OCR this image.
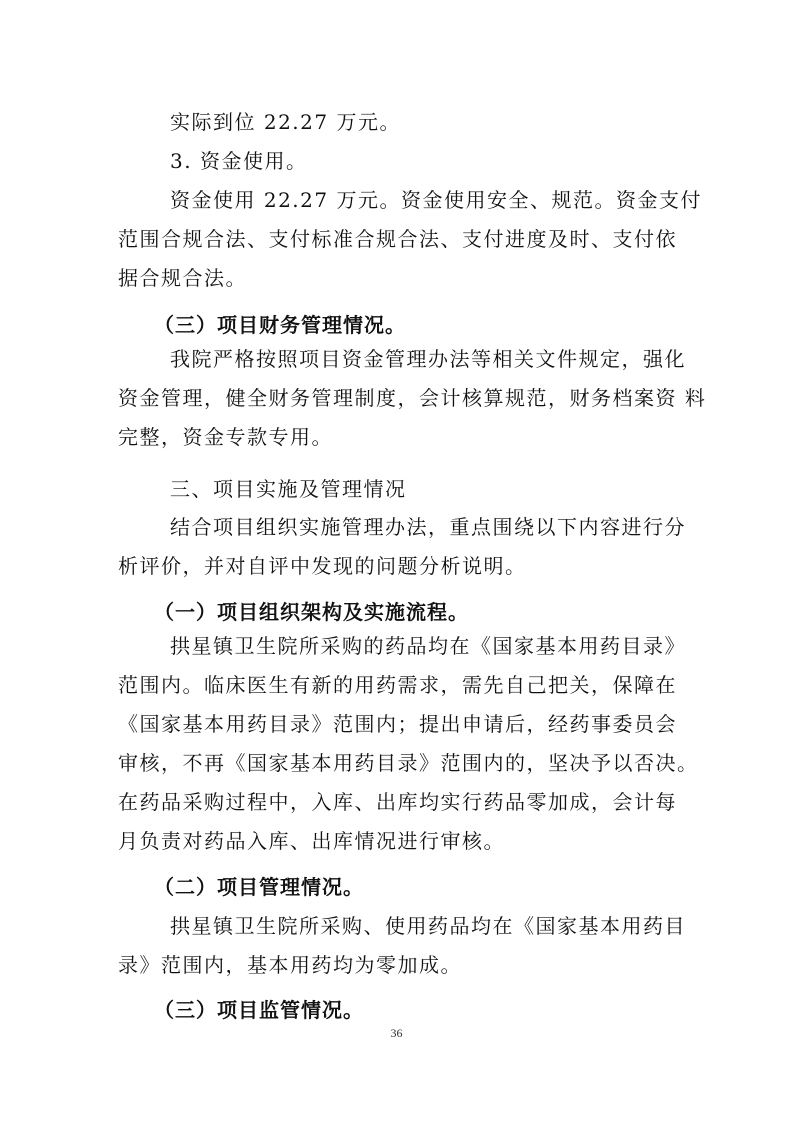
实际到位 22.27 万元。
3. 资金使用。
资金使用 22.27 万元。资金使用安全、规范。资金支付
范围合规合法、支付标准合规合法、支付进度及时、支付依
据合规合法。
（三）项目财务管理情况。
我院严格按照项目资金管理办法等相关文件规定，强化
资金管理，健全财务管理制度，会计核算规范，财务档案资 料
完整，资金专款专用。
三、项目实施及管理情况
结合项目组织实施管理办法，重点围绕以下内容进行分
析评价，并对自评中发现的问题分析说明。
（一）项目组织架构及实施流程。
拱星镇卫生院所采购的药品均在《国家基本用药目录》
范围内。临床医生有新的用药需求，需先自己把关，保障在
《国家基本用药目录》范围内；提出申请后，经药事委员会
审核，不再《国家基本用药目录》范围内的，坚决予以否决。
在药品采购过程中，入库、出库均实行药品零加成，会计每
月负责对药品入库、出库情况进行审核。
（二）项目管理情况。
拱星镇卫生院所采购、使用药品均在《国家基本用药目
录》范围内，基本用药均为零加成。
（三）项目监管情况。
36
